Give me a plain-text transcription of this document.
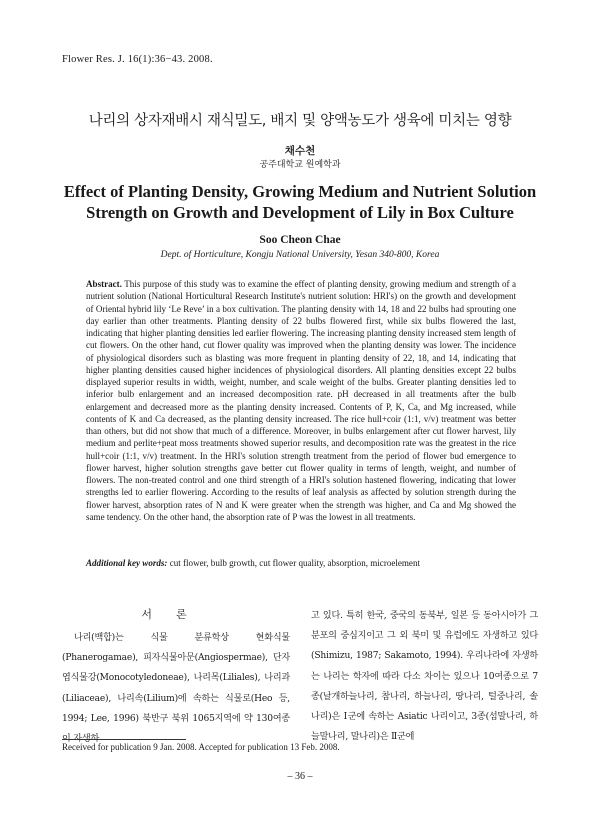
Flower Res. J. 16(1):36−43. 2008.
나리의 상자재배시 재식밀도, 배지 및 양액농도가 생육에 미치는 영향
채수천
공주대학교 원예학과
Effect of Planting Density, Growing Medium and Nutrient Solution
Strength on Growth and Development of Lily in Box Culture
Soo Cheon Chae
Dept. of Horticulture, Kongju National University, Yesan 340-800, Korea
Abstract. This purpose of this study was to examine the effect of planting density, growing medium and strength of a nutrient solution (National Horticultural Research Institute's nutrient solution: HRI's) on the growth and development of Oriental hybrid lily ‘Le Reve’ in a box cultivation. The planting density with 14, 18 and 22 bulbs had sprouting one day earlier than other treatments. Planting density of 22 bulbs flowered first, while six bulbs flowered the last, indicating that higher planting densities led earlier flowering. The increasing planting density increased stem length of cut flowers. On the other hand, cut flower quality was improved when the planting density was lower. The incidence of physiological disorders such as blasting was more frequent in planting density of 22, 18, and 14, indicating that higher planting densities caused higher incidences of physiological disorders. All planting densities except 22 bulbs displayed superior results in width, weight, number, and scale weight of the bulbs. Greater planting densities led to inferior bulb enlargement and an increased decomposition rate. pH decreased in all treatments after the bulb enlargement and decreased more as the planting density increased. Contents of P, K, Ca, and Mg increased, while contents of K and Ca decreased, as the planting density increased. The rice hull+coir (1:1, v/v) treatment was better than others, but did not show that much of a difference. Moreover, in bulbs enlargement after cut flower harvest, lily medium and perlite+peat moss treatments showed superior results, and decomposition rate was the greatest in the rice hull+coir (1:1, v/v) treatment. In the HRI's solution strength treatment from the period of flower bud emergence to flower harvest, higher solution strengths gave better cut flower quality in terms of length, weight, and number of flowers. The non-treated control and one third strength of a HRI's solution hastened flowering, indicating that lower strengths led to earlier flowering. According to the results of leaf analysis as affected by solution strength during the flower harvest, absorption rates of N and K were greater when the strength was higher, and Ca and Mg showed the same tendency. On the other hand, the absorption rate of P was the lowest in all treatments.
Additional key words: cut flower, bulb growth, cut flower quality, absorption, microelement
서론
나리(백합)는 식물 분류학상 현화식물(Phanerogamae), 피자식물아문(Angiospermae), 단자엽식물강(Monocotyledoneae), 나리목(Liliales), 나리과(Liliaceae), 나리속(Lilium)에 속하는 식물로(Heo 등, 1994; Lee, 1996) 북반구 북위 1065지역에 약 130여종이 자생하
고 있다. 특히 한국, 중국의 동북부, 일본 등 동아시아가 그 분포의 중심지이고 그 외 북미 및 유럽에도 자생하고 있다(Shimizu, 1987; Sakamoto, 1994). 우리나라에 자생하는 나리는 학자에 따라 다소 차이는 있으나 10여종으로 7종(날개하늘나리, 참나리, 하늘나리, 땅나리, 털중나리, 솔나리)은 Ⅰ군에 속하는 Asiatic 나리이고, 3종(섬말나리, 하늘말나리, 말나리)은 Ⅱ군에
Received for publication 9 Jan. 2008. Accepted for publication 13 Feb. 2008.
– 36 –
